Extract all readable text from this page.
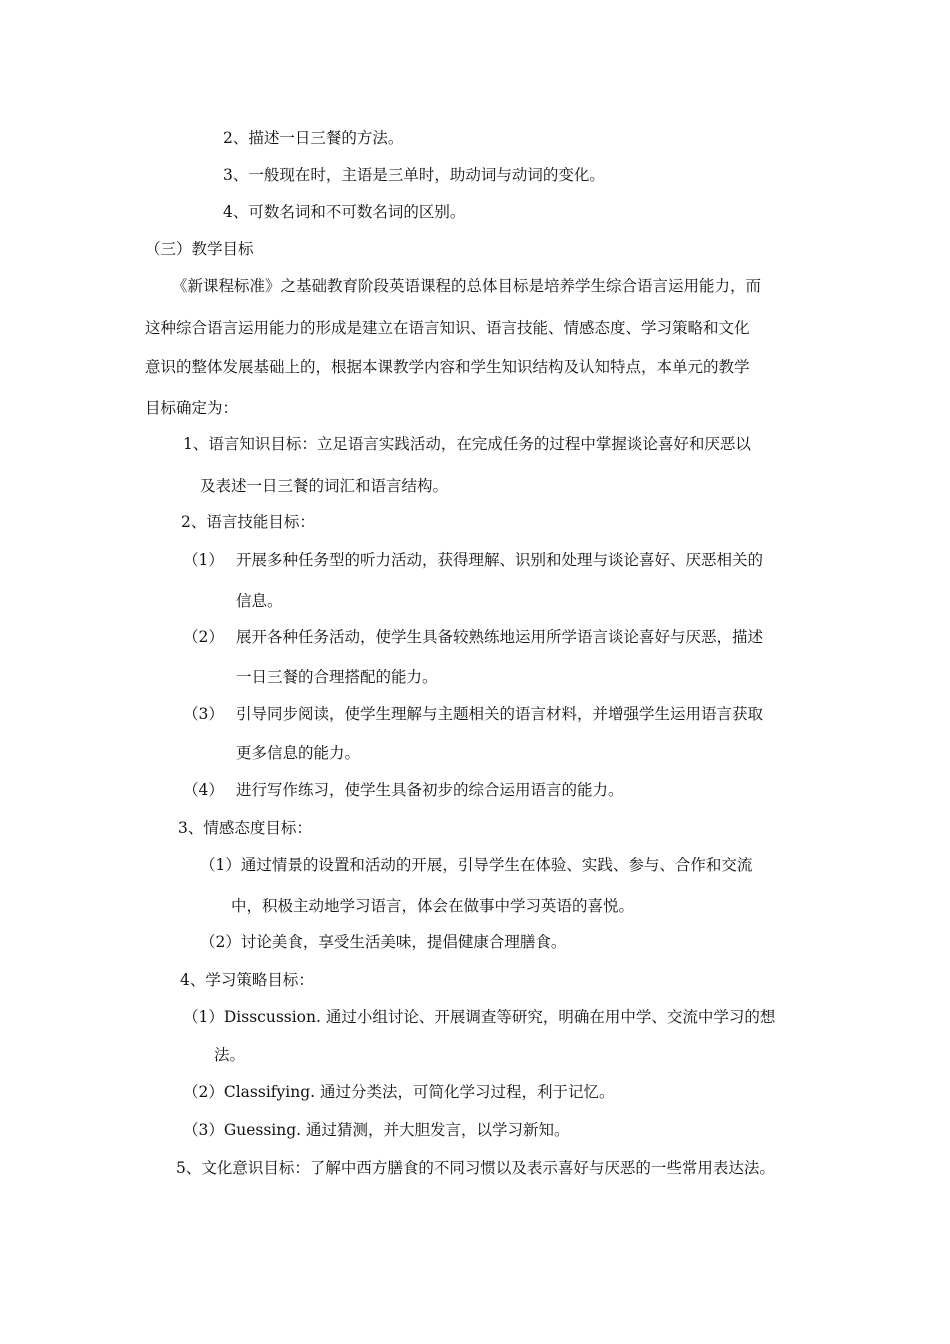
2、描述一日三餐的方法。
3、一般现在时，主语是三单时，助动词与动词的变化。
4、可数名词和不可数名词的区别。
（三）教学目标
《新课程标准》之基础教育阶段英语课程的总体目标是培养学生综合语言运用能力，而
这种综合语言运用能力的形成是建立在语言知识、语言技能、情感态度、学习策略和文化
意识的整体发展基础上的，根据本课教学内容和学生知识结构及认知特点，本单元的教学
目标确定为：
1、语言知识目标：立足语言实践活动，在完成任务的过程中掌握谈论喜好和厌恶以
及表述一日三餐的词汇和语言结构。
2、语言技能目标：
（1） 开展多种任务型的听力活动，获得理解、识别和处理与谈论喜好、厌恶相关的
信息。
（2） 展开各种任务活动，使学生具备较熟练地运用所学语言谈论喜好与厌恶，描述
一日三餐的合理搭配的能力。
（3） 引导同步阅读，使学生理解与主题相关的语言材料，并增强学生运用语言获取
更多信息的能力。
（4） 进行写作练习，使学生具备初步的综合运用语言的能力。
3、情感态度目标：
（1）通过情景的设置和活动的开展，引导学生在体验、实践、参与、合作和交流
中，积极主动地学习语言，体会在做事中学习英语的喜悦。
（2）讨论美食，享受生活美味，提倡健康合理膳食。
4、学习策略目标：
（1）Disscussion. 通过小组讨论、开展调查等研究，明确在用中学、交流中学习的想
法。
（2）Classifying. 通过分类法，可简化学习过程，利于记忆。
（3）Guessing. 通过猜测，并大胆发言，以学习新知。
5、文化意识目标：了解中西方膳食的不同习惯以及表示喜好与厌恶的一些常用表达法。
